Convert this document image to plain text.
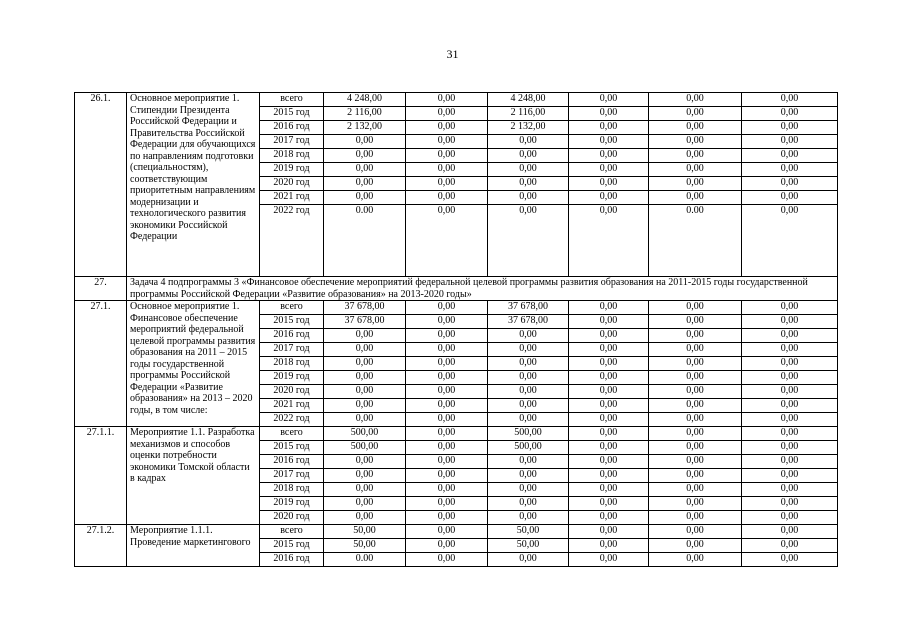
31
26.1.	Основное мероприятие 1. Стипендии Президента Российской Федерации и Правительства Российской Федерации для обучающихся по направлениям подготовки (специальностям), соответствующим приоритетным направлениям модернизации и технологического развития экономики Российской Федерации	всего	4 248,00	0,00	4 248,00	0,00	0,00	0,00
		2015 год	2 116,00	0,00	2 116,00	0,00	0,00	0,00
		2016 год	2 132,00	0,00	2 132,00	0,00	0,00	0,00
		2017 год	0,00	0,00	0,00	0,00	0,00	0,00
		2018 год	0,00	0,00	0,00	0,00	0,00	0,00
		2019 год	0,00	0,00	0,00	0,00	0,00	0,00
		2020 год	0,00	0,00	0,00	0,00	0,00	0,00
		2021 год	0,00	0,00	0,00	0,00	0,00	0,00
		2022 год	0.00	0,00	0,00	0,00	0.00	0,00
27.	Задача 4 подпрограммы 3 «Финансовое обеспечение мероприятий федеральной целевой программы развития образования на 2011-2015 годы государственной программы Российской Федерации «Развитие образования» на 2013-2020 годы»							
27.1.	Основное мероприятие 1. Финансовое обеспечение мероприятий федеральной целевой программы развития образования на 2011 – 2015 годы государственной программы Российской Федерации «Развитие образования» на 2013 – 2020 годы, в том числе:	всего	37 678,00	0,00	37 678,00	0,00	0,00	0,00
		2015 год	37 678,00	0,00	37 678,00	0,00	0,00	0,00
		2016 год	0,00	0,00	0,00	0,00	0,00	0,00
		2017 год	0,00	0,00	0,00	0,00	0,00	0,00
		2018 год	0,00	0,00	0,00	0,00	0,00	0,00
		2019 год	0,00	0,00	0,00	0,00	0,00	0,00
		2020 год	0,00	0,00	0,00	0,00	0,00	0,00
		2021 год	0,00	0,00	0,00	0,00	0,00	0,00
		2022 год	0,00	0,00	0,00	0,00	0,00	0,00
27.1.1.	Мероприятие 1.1. Разработка механизмов и способов оценки потребности экономики Томской области в кадрах	всего	500,00	0,00	500,00	0,00	0,00	0,00
		2015 год	500,00	0,00	500,00	0,00	0,00	0,00
		2016 год	0,00	0,00	0,00	0,00	0,00	0,00
		2017 год	0,00	0,00	0,00	0,00	0,00	0,00
		2018 год	0,00	0,00	0,00	0,00	0,00	0,00
		2019 год	0,00	0,00	0,00	0,00	0,00	0,00
		2020 год	0,00	0,00	0,00	0,00	0,00	0,00
27.1.2.	Мероприятие 1.1.1. Проведение маркетингового	всего	50,00	0,00	50,00	0,00	0,00	0,00
		2015 год	50,00	0,00	50,00	0,00	0,00	0,00
		2016 год	0.00	0,00	0,00	0,00	0,00	0,00
